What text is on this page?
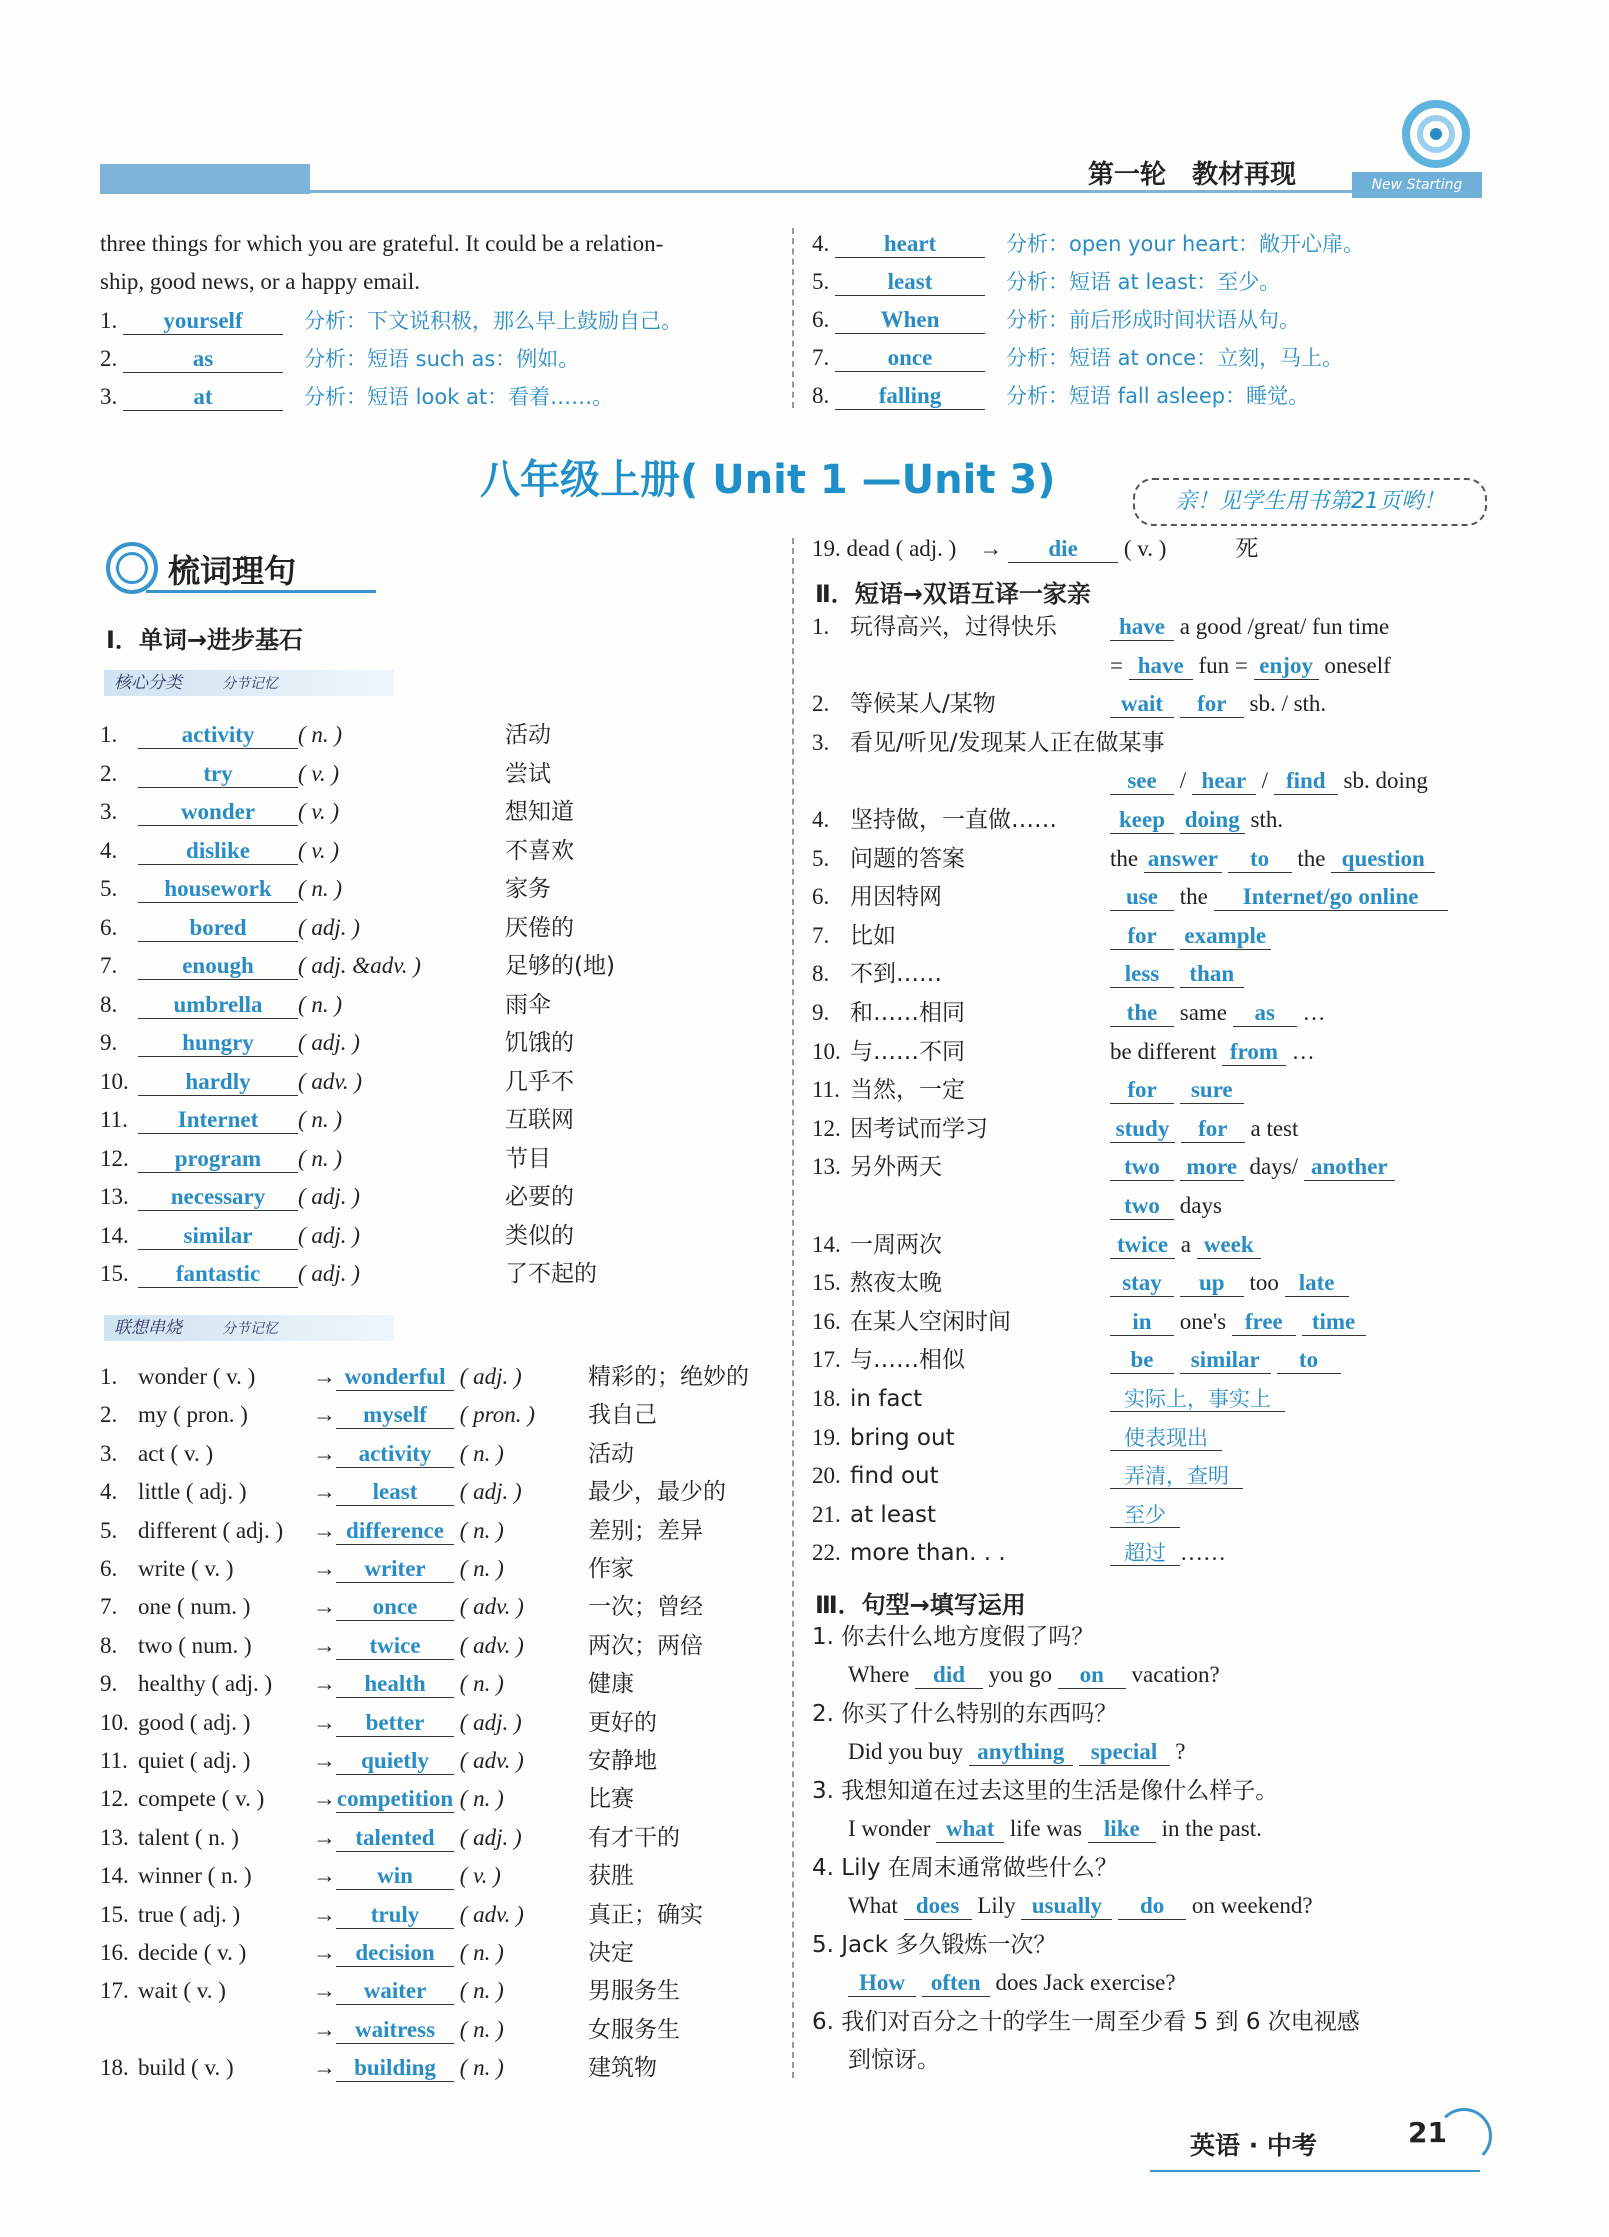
第一轮　教材再现	New Starting Point
three things for which you are grateful. It could be a relation-
ship, good news, or a happy email.
1. yourself　分析：下文说积极，那么早上鼓励自己。
2.	as	　分析：短语 such as：例如。
3.	at	　分析：短语 look at：看着……。
4. heart　分析：open your heart：敞开心扉。
5. least	　分析：短语 at least：至少。
6. When　分析：前后形成时间状语从句。
7. once	　分析：短语 at once：立刻，马上。
8. falling　分析：短语 fall asleep：睡觉。
八年级上册( Unit 1 —Unit 3)	亲！见学生用书第21页哟！
梳词理句
Ⅰ．单词→进步基石
核心分类	分节记忆
1.	activity ( n. )	活动
2.	try	( v. )	尝试
3.	wonder ( v. )	想知道
4.	dislike ( v. )	不喜欢
5. housework ( n. )	家务
6.	bored ( adj. )	厌倦的
7.	enough ( adj. &adv. )	足够的(地)
8. umbrella ( n. )	雨伞
9.	hungry ( adj. )	饥饿的
10. hardly ( adv. )	几乎不
11. Internet ( n. )	互联网
12. program ( n. )	节目
13. necessary ( adj. )	必要的
14. similar ( adj. )	类似的
15. fantastic ( adj. )	了不起的
联想串烧	分节记忆
1. wonder ( v. )	→ wonderful ( adj. )	精彩的；绝妙的
2. my ( pron. )	→ myself ( pron. ) 我自己
3. act ( v. )	→ activity ( n. )	活动
4. little ( adj. )	→ least ( adj. )	最少，最少的
5. different ( adj. ) → difference ( n. )	差别；差异
6. write ( v. )	→ writer ( n. )	作家
7. one ( num. )	→ once ( adv. )	一次；曾经
8. two ( num. )	→ twice ( adv. )	两次；两倍
9. healthy ( adj. ) → health ( n. )	健康
10. good ( adj. )	→ better ( adj. )	更好的
11. quiet ( adj. )	→ quietly ( adv. )	安静地
12. compete ( v. ) →competition ( n. )	比赛
13. talent ( n. )	→ talented ( adj. )	有才干的
14. winner ( n. )	→ win ( v. )	获胜
15. true ( adj. )	→ truly ( adv. )	真正；确实
16. decide ( v. )	→ decision ( n. )	决定
17. wait ( v. )	→ waiter ( n. )	男服务生
→ waitress ( n. )	女服务生
18. build ( v. )	→ building ( n. )	建筑物
19. dead ( adj. )　→ die ( v. )　　　死
Ⅱ．短语→双语互译一家亲
1. 玩得高兴，过得快乐	have a good /great/ fun time
= have fun = enjoy oneself
2. 等候某人/某物	wait for sb. / sth.
3. 看见/听见/发现某人正在做某事
see / hear / find sb. doing
4. 坚持做，一直做……	keep doing sth.
5. 问题的答案	the answer to the question
6. 用因特网	use the Internet/go online
7. 比如	for example
8. 不到……	less than
9. 和……相同	the same as …
10. 与……不同	be different from …
11. 当然，一定	for sure
12. 因考试而学习	study for a test
13. 另外两天	two more days/ another
two days
14. 一周两次	twice a week
15. 熬夜太晚	stay up too late
16. 在某人空闲时间	in one's free time
17. 与……相似	be similar to
18. in fact	实际上，事实上
19. bring out	使表现出
20. find out	弄清，查明
21. at least	至少
22. more than. . .	超过 ……
Ⅲ．句型→填写运用
1. 你去什么地方度假了吗？
Where did you go on vacation?
2. 你买了什么特别的东西吗？
Did you buy anything special ?
3. 我想知道在过去这里的生活是像什么样子。
I wonder what life was like in the past.
4. Lily 在周末通常做些什么？
What does Lily usually do on weekend?
5. Jack 多久锻炼一次？
How often does Jack exercise?
6. 我们对百分之十的学生一周至少看 5 到 6 次电视感
到惊讶。
英语 · 中考	21
